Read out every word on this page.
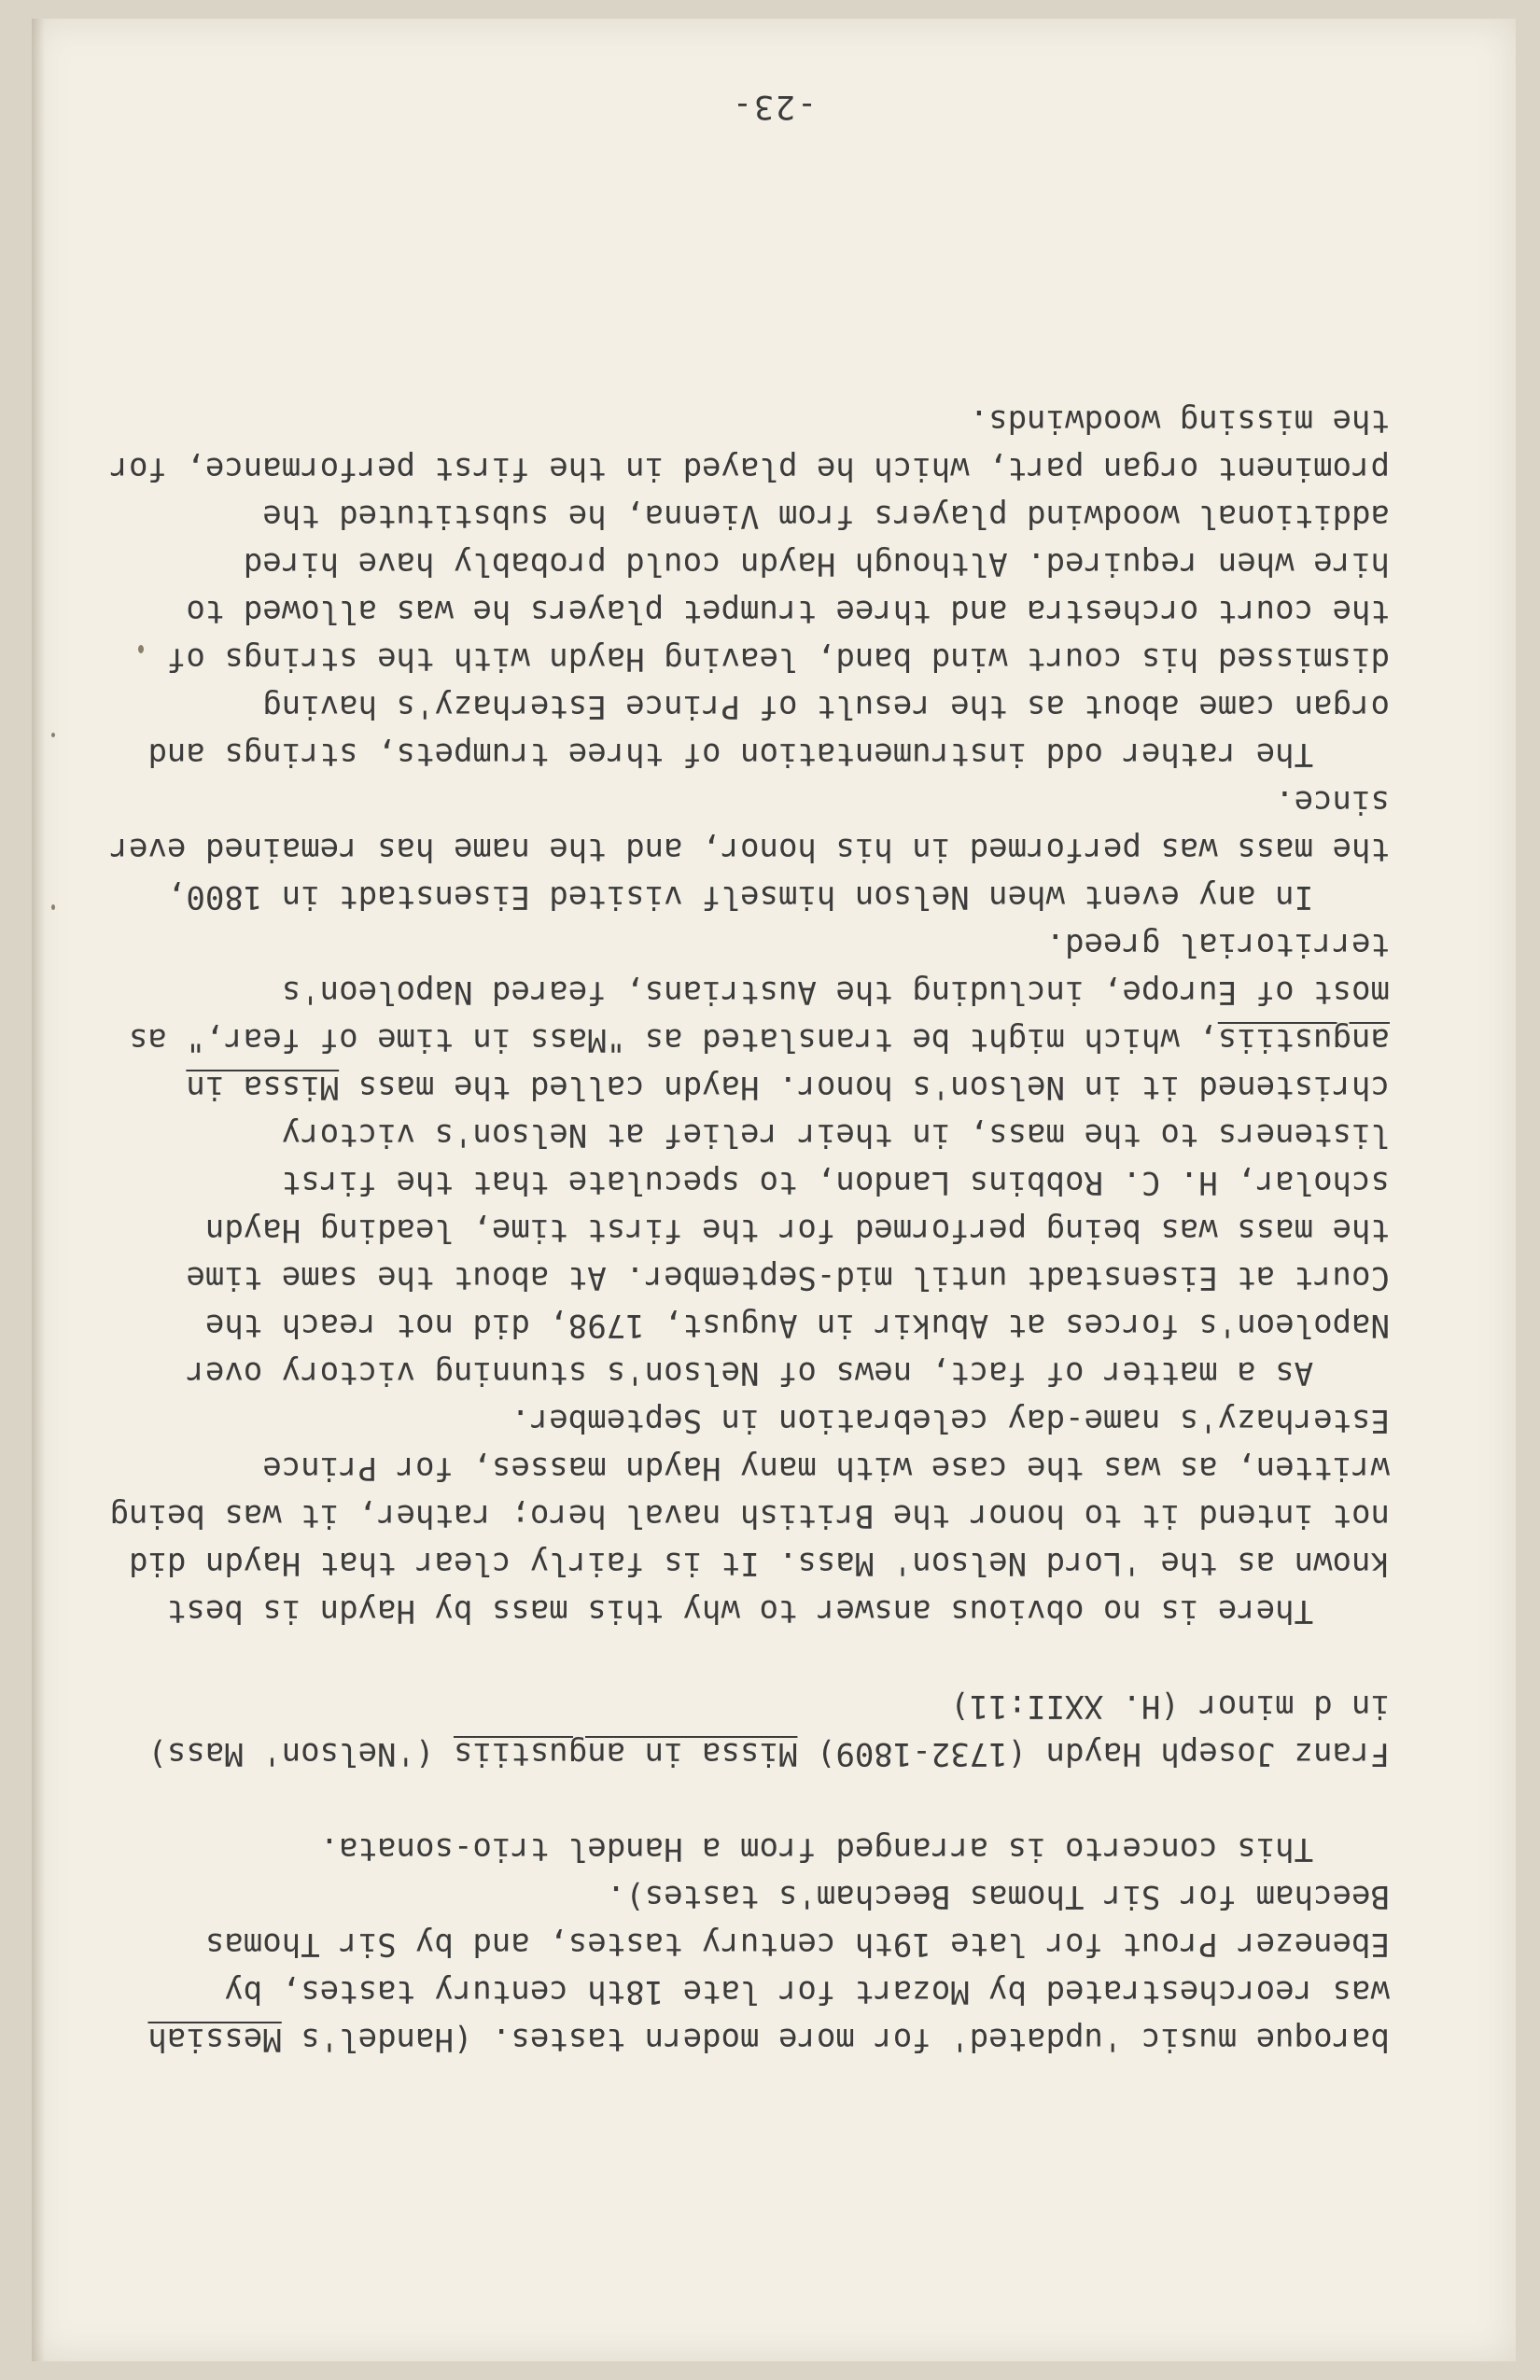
-23-
baroque music 'updated' for more modern tastes. (Handel's Messiah
was reorchestrated by Mozart for late 18th century tastes, by
Ebenezer Prout for late 19th century tastes, and by Sir Thomas
Beecham for Sir Thomas Beecham's tastes).
This concerto is arranged from a Handel trio-sonata.
Franz Joseph Haydn (1732-1809) Missa in angustiis ('Nelson' Mass)
in d minor (H. XXII:11)
There is no obvious answer to why this mass by Haydn is best
known as the 'Lord Nelson' Mass. It is fairly clear that Haydn did
not intend it to honor the British naval hero; rather, it was being
written, as was the case with many Haydn masses, for Prince
Esterhazy's name-day celebration in September.
As a matter of fact, news of Nelson's stunning victory over
Napoleon's forces at Abukir in August, 1798, did not reach the
Court at Eisenstadt until mid-September. At about the same time
the mass was being performed for the first time, leading Haydn
scholar, H. C. Robbins Landon, to speculate that the first
listeners to the mass, in their relief at Nelson's victory
christened it in Nelson's honor. Haydn called the mass Missa in
angustiis, which might be translated as "Mass in time of fear," as
most of Europe, including the Austrians, feared Napoleon's
territorial greed.
In any event when Nelson himself visited Eisenstadt in 1800,
the mass was performed in his honor, and the name has remained ever
since.
The rather odd instrumentation of three trumpets, strings and
organ came about as the result of Prince Esterhazy's having
dismissed his court wind band, leaving Haydn with the strings of
the court orchestra and three trumpet players he was allowed to
hire when required. Although Haydn could probably have hired
additional woodwind players from Vienna, he substituted the
prominent organ part, which he played in the first performance, for
the missing woodwinds.
